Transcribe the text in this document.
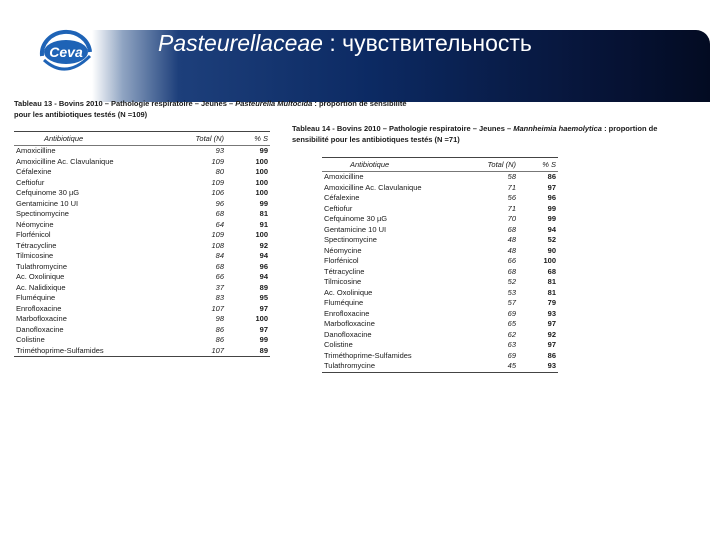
Ceva	Pasteurellaceae : чувствительность
Tableau 13 - Bovins 2010 – Pathologie respiratoire – Jeunes – Pasteurella Multocida : proportion de sensibilité
pour les antibiotiques testés (N =109)
Antibiotique	Total (N)	% S
Amoxicilline	93	99
Amoxicilline Ac. Clavulanique	109	100
Céfalexine	80	100
Ceftiofur	109	100
Cefquinome 30 µG	106	100
Gentamicine 10 UI	96	99
Spectinomycine	68	81
Néomycine	64	91
Florfénicol	109	100
Tétracycline	108	92
Tilmicosine	84	94
Tulathromycine	68	96
Ac. Oxolinique	66	94
Ac. Nalidixique	37	89
Fluméquine	83	95
Enrofloxacine	107	97
Marbofloxacine	98	100
Danofloxacine	86	97
Colistine	86	99
Triméthoprime-Sulfamides	107	89
Tableau 14 - Bovins 2010 – Pathologie respiratoire – Jeunes – Mannheimia haemolytica : proportion de
sensibilité pour les antibiotiques testés (N =71)
Antibiotique	Total (N)	% S
Amoxicilline	58	86
Amoxicilline Ac. Clavulanique	71	97
Céfalexine	56	96
Ceftiofur	71	99
Cefquinome 30 µG	70	99
Gentamicine 10 UI	68	94
Spectinomycine	48	52
Néomycine	48	90
Florfénicol	66	100
Tétracycline	68	68
Tilmicosine	52	81
Ac. Oxolinique	53	81
Fluméquine	57	79
Enrofloxacine	69	93
Marbofloxacine	65	97
Danofloxacine	62	92
Colistine	63	97
Triméthoprime-Sulfamides	69	86
Tulathromycine	45	93
